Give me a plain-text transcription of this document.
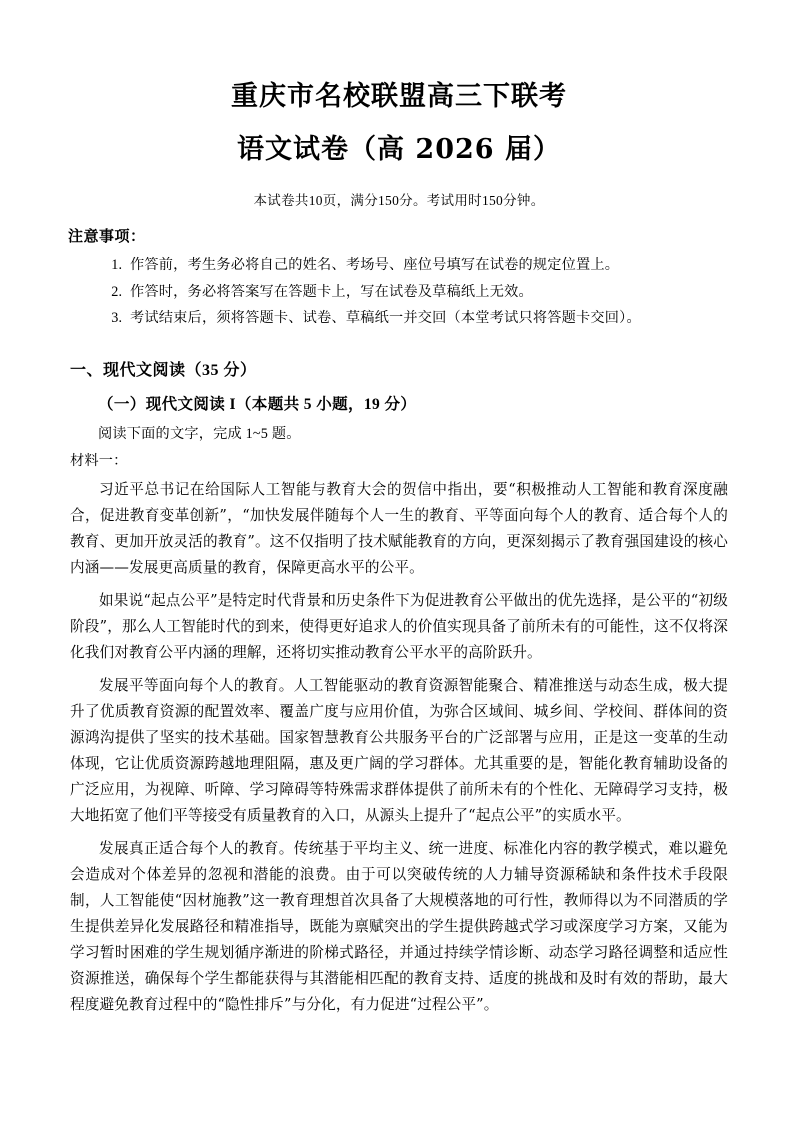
重庆市名校联盟高三下联考
语文试卷（高 2026 届）
本试卷共10页，满分150分。考试用时150分钟。
注意事项：
1. 作答前，考生务必将自己的姓名、考场号、座位号填写在试卷的规定位置上。
2. 作答时，务必将答案写在答题卡上，写在试卷及草稿纸上无效。
3. 考试结束后，须将答题卡、试卷、草稿纸一并交回（本堂考试只将答题卡交回）。
一、现代文阅读（35 分）
（一）现代文阅读 I（本题共 5 小题，19 分）
阅读下面的文字，完成 1~5 题。
材料一：

习近平总书记在给国际人工智能与教育大会的贺信中指出，要“积极推动人工智能和教育深度融合，促进教育变革创新”，“加快发展伴随每个人一生的教育、平等面向每个人的教育、适合每个人的教育、更加开放灵活的教育”。这不仅指明了技术赋能教育的方向，更深刻揭示了教育强国建设的核心内涵——发展更高质量的教育，保障更高水平的公平。

如果说“起点公平”是特定时代背景和历史条件下为促进教育公平做出的优先选择，是公平的“初级阶段”，那么人工智能时代的到来，使得更好追求人的价值实现具备了前所未有的可能性，这不仅将深化我们对教育公平内涵的理解，还将切实推动教育公平水平的高阶跃升。

发展平等面向每个人的教育。人工智能驱动的教育资源智能聚合、精准推送与动态生成，极大提升了优质教育资源的配置效率、覆盖广度与应用价值，为弥合区域间、城乡间、学校间、群体间的资源鸿沟提供了坚实的技术基础。国家智慧教育公共服务平台的广泛部署与应用，正是这一变革的生动体现，它让优质资源跨越地理阻隔，惠及更广阔的学习群体。尤其重要的是，智能化教育辅助设备的广泛应用，为视障、听障、学习障碍等特殊需求群体提供了前所未有的个性化、无障碍学习支持，极大地拓宽了他们平等接受有质量教育的入口，从源头上提升了“起点公平”的实质水平。

发展真正适合每个人的教育。传统基于平均主义、统一进度、标准化内容的教学模式，难以避免会造成对个体差异的忽视和潜能的浪费。由于可以突破传统的人力辅导资源稀缺和条件技术手段限制，人工智能使“因材施教”这一教育理想首次具备了大规模落地的可行性，教师得以为不同潜质的学生提供差异化发展路径和精准指导，既能为禀赋突出的学生提供跨越式学习或深度学习方案，又能为学习暂时困难的学生规划循序渐进的阶梯式路径，并通过持续学情诊断、动态学习路径调整和适应性资源推送，确保每个学生都能获得与其潜能相匹配的教育支持、适度的挑战和及时有效的帮助，最大程度避免教育过程中的“隐性排斥”与分化，有力促进“过程公平”。
